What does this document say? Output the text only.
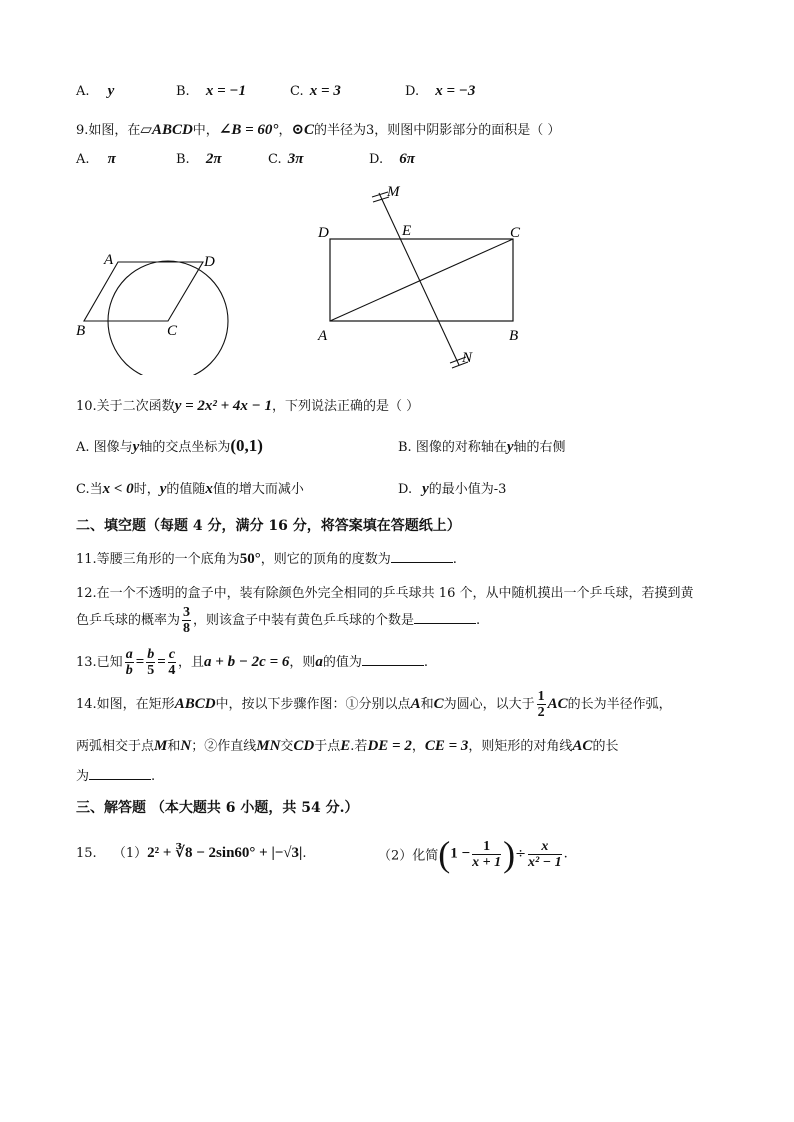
A. y	B. x = −1	C. x = 3	D. x = −3
9.如图，在▱ABCD中，∠B = 60°，⊙C的半径为3，则图中阴影部分的面积是（ ）
A. π	B. 2π	C. 3π	D. 6π
A	D
B	C
M
D	E	C
A	B
N
10.关于二次函数y = 2x² + 4x − 1，下列说法正确的是（ ）
A. 图像与y轴的交点坐标为(0,1)	B. 图像的对称轴在y轴的右侧
C.当x < 0时，y的值随x值的增大而减小	D. y的最小值为-3
二、填空题（每题 4 分，满分 16 分，将答案填在答题纸上）
11.等腰三角形的一个底角为50°，则它的顶角的度数为	.
12.在一个不透明的盒子中，装有除颜色外完全相同的乒乓球共 16 个，从中随机摸出一个乒乓球，若摸到黄
色乒乓球的概率为 $\frac{3}{8}$ ，则该盒子中装有黄色乒乓球的个数是	.
13.已知 $\frac{a}{b} = \frac{b}{5} = \frac{c}{4}$ ，且a + b − 2c = 6，则a的值为	.
14.如图，在矩形ABCD中，按以下步骤作图：①分别以点A和C为圆心，以大于 $\frac{1}{2}$ AC的长为半径作弧，
两弧相交于点M和N；②作直线MN交CD于点E.若DE = 2，CE = 3，则矩形的对角线AC的长
为	.
三、解答题 （本大题共 6 小题，共 54 分.）
15. （1）2² + ∛8 − 2sin60° + |−√3|.	（2）化简($1 - \frac{1}{x + 1}$ )÷ $\frac{x}{\text{x² − 1}}$ .
